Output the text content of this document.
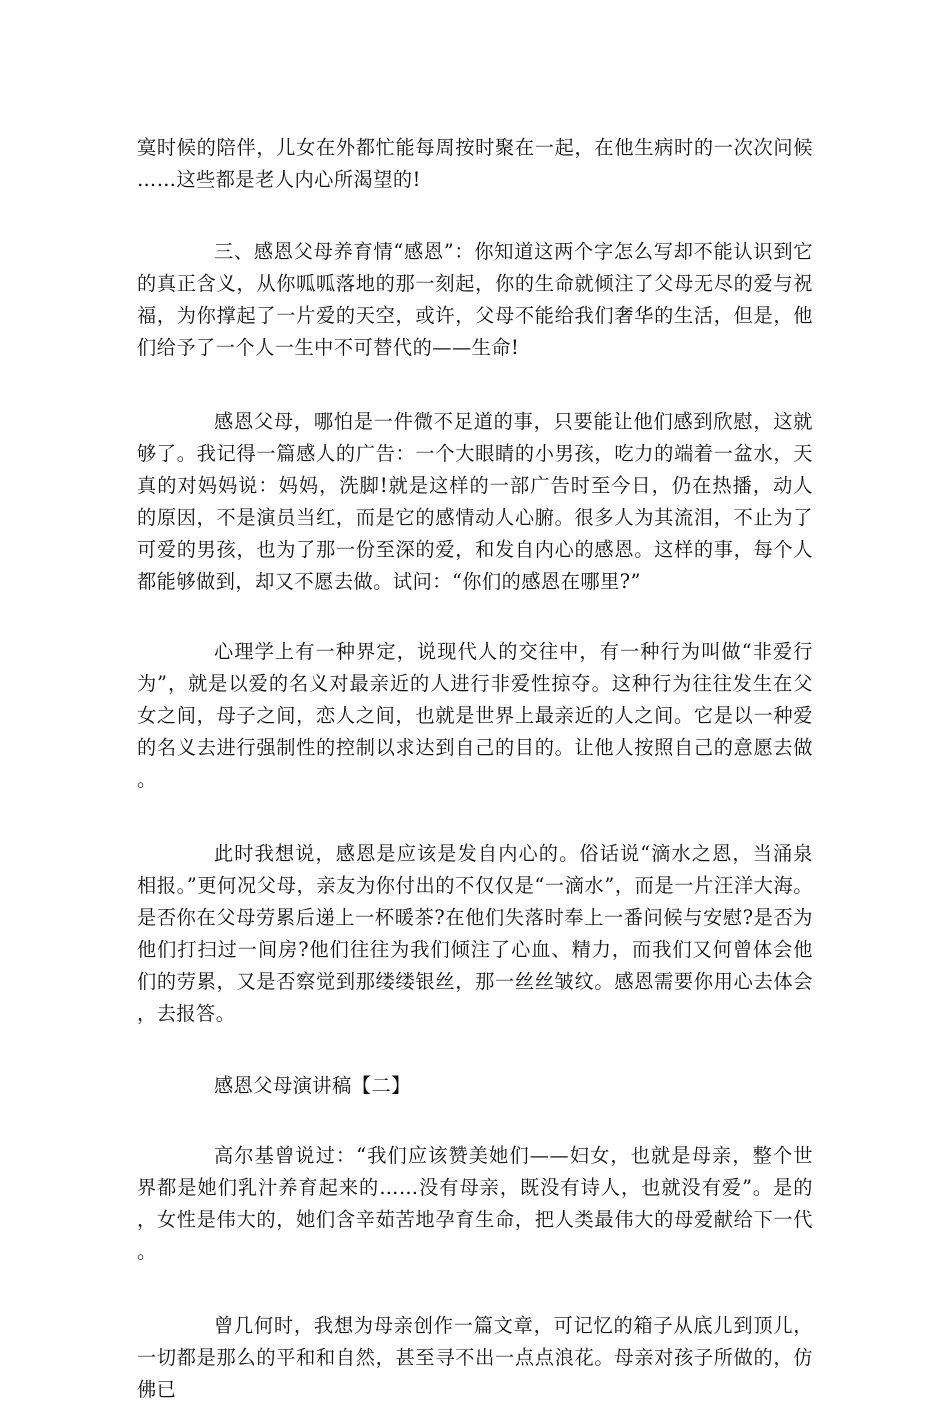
寞时候的陪伴，儿女在外都忙能每周按时聚在一起，在他生病时的一次次问候……这些都是老人内心所渴望的!

三、感恩父母养育情“感恩”：你知道这两个字怎么写却不能认识到它的真正含义，从你呱呱落地的那一刻起，你的生命就倾注了父母无尽的爱与祝福，为你撑起了一片爱的天空，或许，父母不能给我们奢华的生活，但是，他们给予了一个人一生中不可替代的——生命!

感恩父母，哪怕是一件微不足道的事，只要能让他们感到欣慰，这就够了。我记得一篇感人的广告：一个大眼睛的小男孩，吃力的端着一盆水，天真的对妈妈说：妈妈，洗脚!就是这样的一部广告时至今日，仍在热播，动人的原因，不是演员当红，而是它的感情动人心腑。很多人为其流泪，不止为了可爱的男孩，也为了那一份至深的爱，和发自内心的感恩。这样的事，每个人都能够做到，却又不愿去做。试问：“你们的感恩在哪里?”

心理学上有一种界定，说现代人的交往中，有一种行为叫做“非爱行为”，就是以爱的名义对最亲近的人进行非爱性掠夺。这种行为往往发生在父女之间，母子之间，恋人之间，也就是世界上最亲近的人之间。它是以一种爱的名义去进行强制性的控制以求达到自己的目的。让他人按照自己的意愿去做。

此时我想说，感恩是应该是发自内心的。俗话说“滴水之恩，当涌泉相报。”更何况父母，亲友为你付出的不仅仅是“一滴水”，而是一片汪洋大海。是否你在父母劳累后递上一杯暖茶?在他们失落时奉上一番问候与安慰?是否为他们打扫过一间房?他们往往为我们倾注了心血、精力，而我们又何曾体会他们的劳累，又是否察觉到那缕缕银丝，那一丝丝皱纹。感恩需要你用心去体会，去报答。

感恩父母演讲稿【二】

高尔基曾说过：“我们应该赞美她们——妇女，也就是母亲，整个世界都是她们乳汁养育起来的……没有母亲，既没有诗人，也就没有爱”。是的，女性是伟大的，她们含辛茹苦地孕育生命，把人类最伟大的母爱献给下一代。

曾几何时，我想为母亲创作一篇文章，可记忆的箱子从底儿到顶儿，一切都是那么的平和和自然，甚至寻不出一点点浪花。母亲对孩子所做的，仿佛已
